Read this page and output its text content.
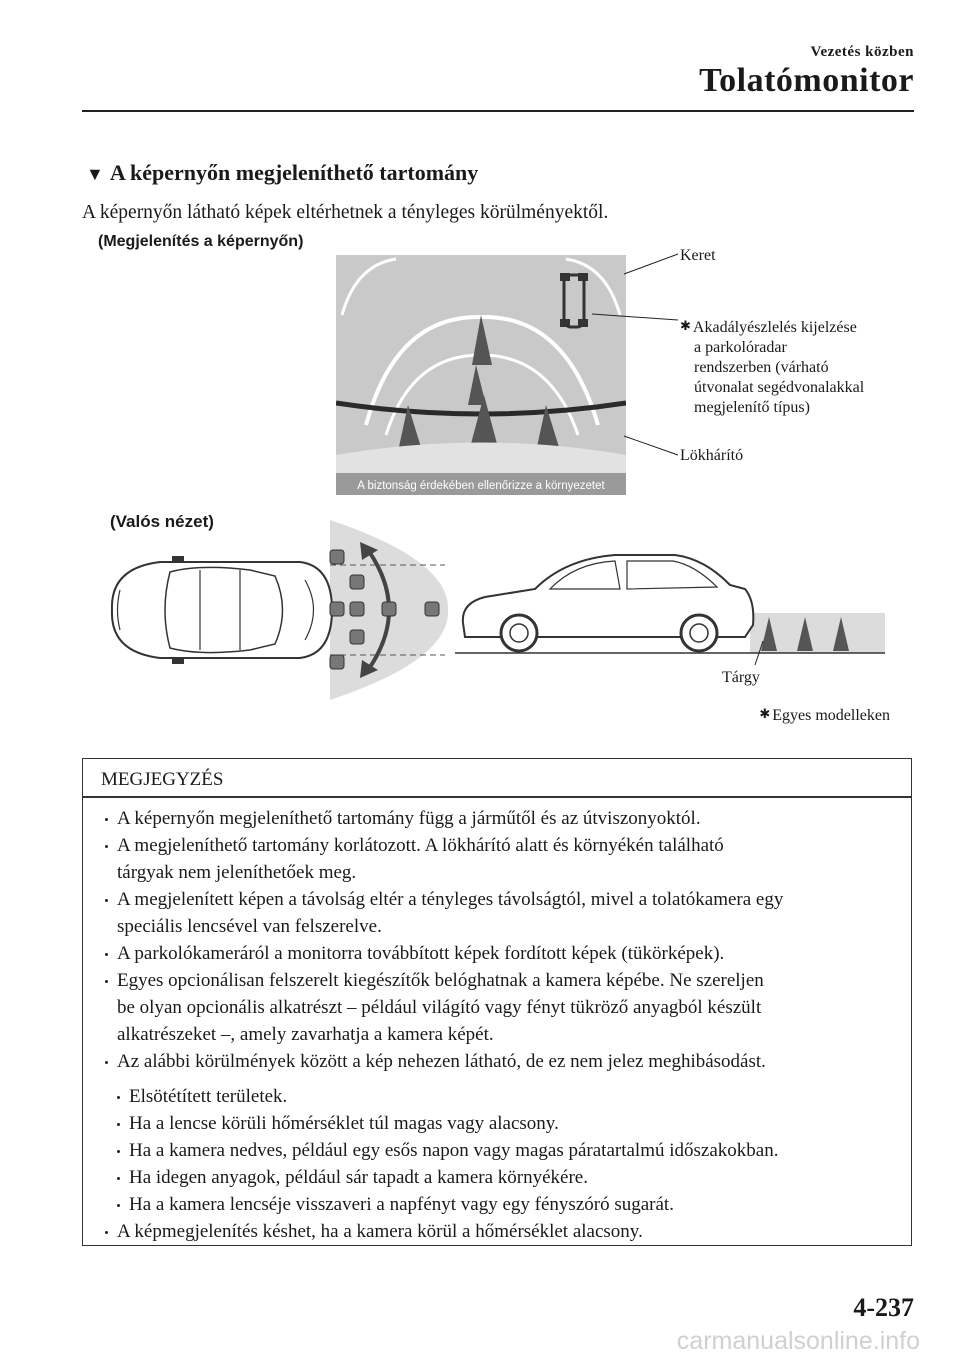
Vezetés közben
Tolatómonitor
▼ A képernyőn megjeleníthető tartomány
A képernyőn látható képek eltérhetnek a tényleges körülményektől.
(Megjelenítés a képernyőn)
A biztonság érdekében ellenőrizze a környezetet
Keret
✱ Akadályészlelés kijelzése
a parkolóradar
rendszerben (várható
útvonalat segédvonalakkal
megjelenítő típus)
Lökhárító
(Valós nézet)
Tárgy
✱ Egyes modelleken
MEGJEGYZÉS
A képernyőn megjeleníthető tartomány függ a járműtől és az útviszonyoktól.
A megjeleníthető tartomány korlátozott. A lökhárító alatt és környékén található
tárgyak nem jeleníthetőek meg.
A megjelenített képen a távolság eltér a tényleges távolságtól, mivel a tolatókamera egy
speciális lencsével van felszerelve.
A parkolókameráról a monitorra továbbított képek fordított képek (tükörképek).
Egyes opcionálisan felszerelt kiegészítők belóghatnak a kamera képébe. Ne szereljen
be olyan opcionális alkatrészt – például világító vagy fényt tükröző anyagból készült
alkatrészeket –, amely zavarhatja a kamera képét.
Az alábbi körülmények között a kép nehezen látható, de ez nem jelez meghibásodást.
Elsötétített területek.
Ha a lencse körüli hőmérséklet túl magas vagy alacsony.
Ha a kamera nedves, például egy esős napon vagy magas páratartalmú időszakokban.
Ha idegen anyagok, például sár tapadt a kamera környékére.
Ha a kamera lencséje visszaveri a napfényt vagy egy fényszóró sugarát.
A képmegjelenítés késhet, ha a kamera körül a hőmérséklet alacsony.
4-237
carmanualsonline.info
